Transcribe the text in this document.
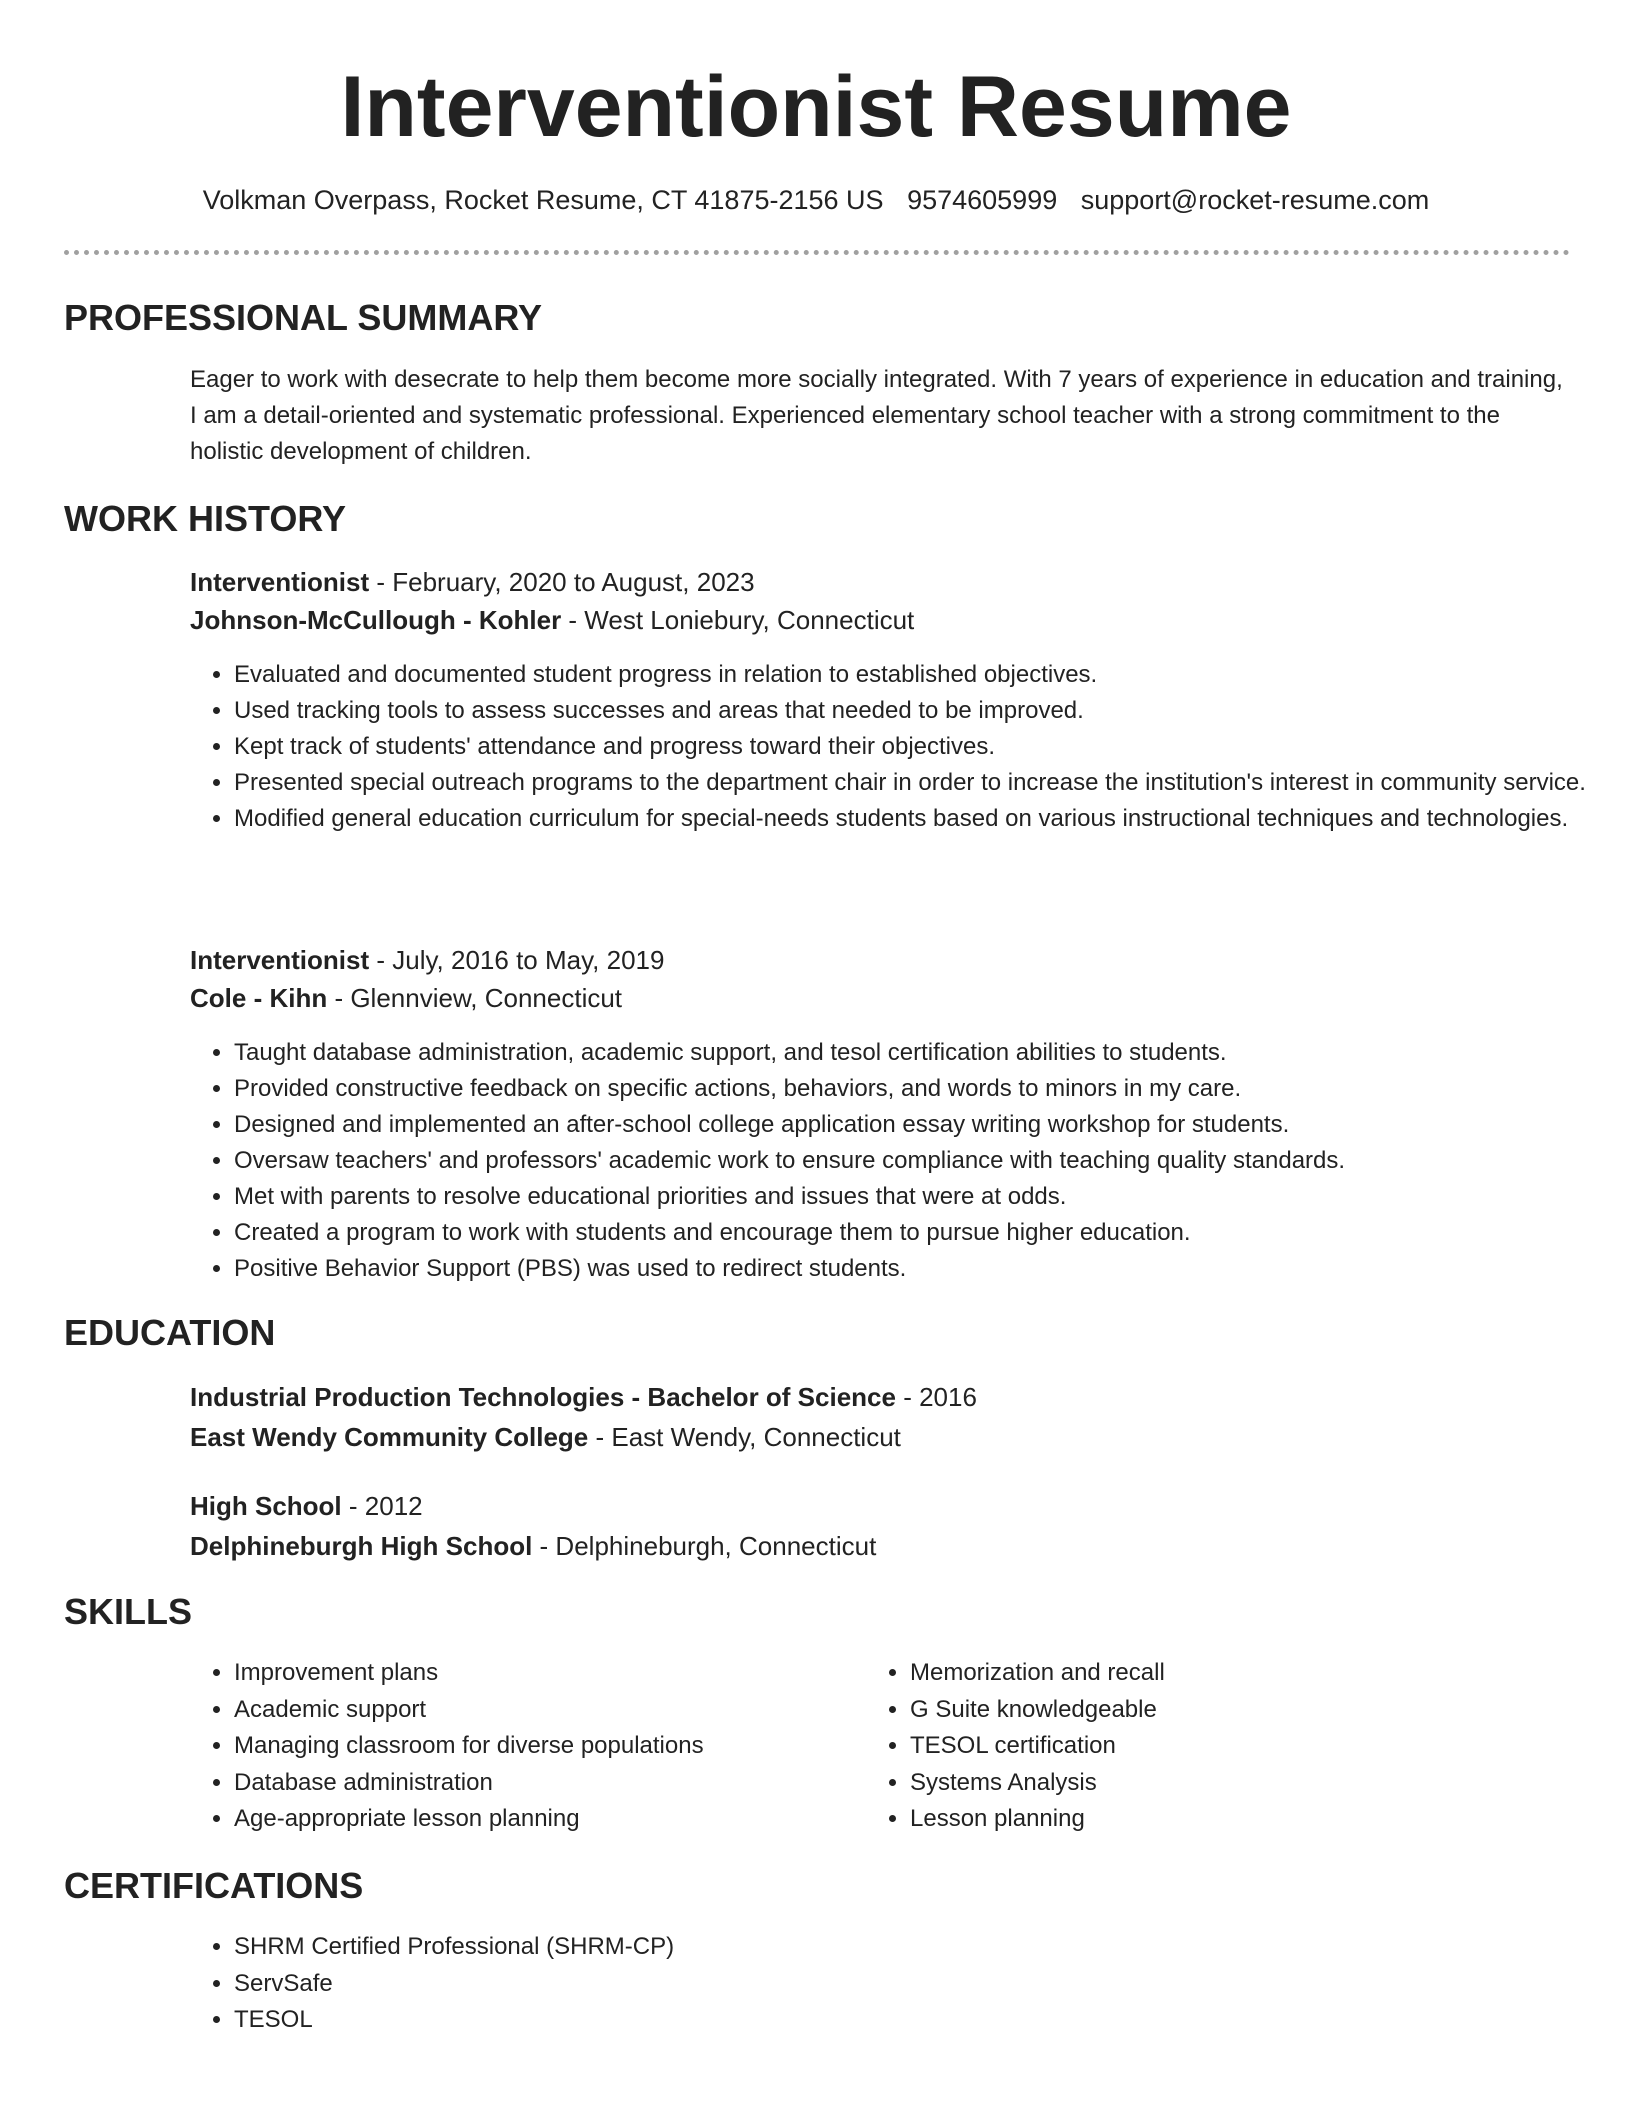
Interventionist Resume
Volkman Overpass, Rocket Resume, CT 41875-2156 US 9574605999 support@rocket-resume.com
PROFESSIONAL SUMMARY
Eager to work with desecrate to help them become more socially integrated. With 7 years of experience in education and training, I am a detail-oriented and systematic professional. Experienced elementary school teacher with a strong commitment to the holistic development of children.
WORK HISTORY
Interventionist - February, 2020 to August, 2023
Johnson-McCullough - Kohler - West Loniebury, Connecticut
• Evaluated and documented student progress in relation to established objectives.
• Used tracking tools to assess successes and areas that needed to be improved.
• Kept track of students' attendance and progress toward their objectives.
• Presented special outreach programs to the department chair in order to increase the institution's interest in community service.
• Modified general education curriculum for special-needs students based on various instructional techniques and technologies.
Interventionist - July, 2016 to May, 2019
Cole - Kihn - Glennview, Connecticut
• Taught database administration, academic support, and tesol certification abilities to students.
• Provided constructive feedback on specific actions, behaviors, and words to minors in my care.
• Designed and implemented an after-school college application essay writing workshop for students.
• Oversaw teachers' and professors' academic work to ensure compliance with teaching quality standards.
• Met with parents to resolve educational priorities and issues that were at odds.
• Created a program to work with students and encourage them to pursue higher education.
• Positive Behavior Support (PBS) was used to redirect students.
EDUCATION
Industrial Production Technologies - Bachelor of Science - 2016
East Wendy Community College - East Wendy, Connecticut
High School - 2012
Delphineburgh High School - Delphineburgh, Connecticut
SKILLS
• Improvement plans
• Academic support
• Managing classroom for diverse populations
• Database administration
• Age-appropriate lesson planning
• Memorization and recall
• G Suite knowledgeable
• TESOL certification
• Systems Analysis
• Lesson planning
CERTIFICATIONS
• SHRM Certified Professional (SHRM-CP)
• ServSafe
• TESOL
